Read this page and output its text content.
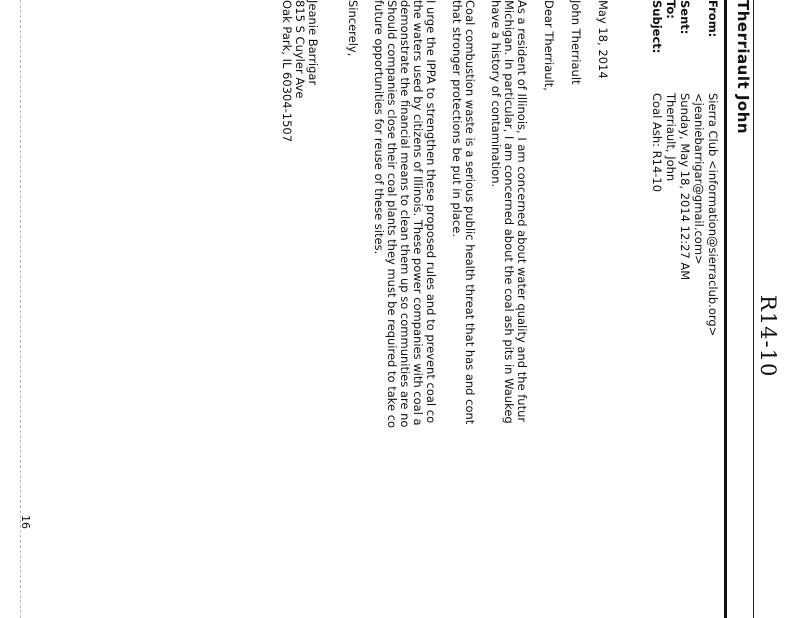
R14-10
Therriault John
From:
Sierra Club <information@sierraclub.org>
<jeaniebarrigar@gmail.com>
Sent:
Sunday, May 18, 2014 12:27 AM
To:
Therriault, John
Subject:
Coal Ash: R14-10
May 18, 2014
John Therriault
Dear Therriault,
As a resident of Illinois, I am concerned about water quality and the futur
Michigan. In particular, I am concerned about the coal ash pits in Waukeg
have a history of contamination.
Coal combustion waste is a serious public health threat that has and cont
that stronger protections be put in place.
I urge the IPPA to strengthen these proposed rules and to prevent coal co
the waters used by citizens of Illinois. These power companies with coal a
demonstrate the financial means to clean them up so communities are no
Should companies close their coal plants they must be required to take co
future opportunities for reuse of these sites.
Sincerely,
Jeanie Barrigar
815 S Cuyler Ave
Oak Park, IL 60304-1507
16
